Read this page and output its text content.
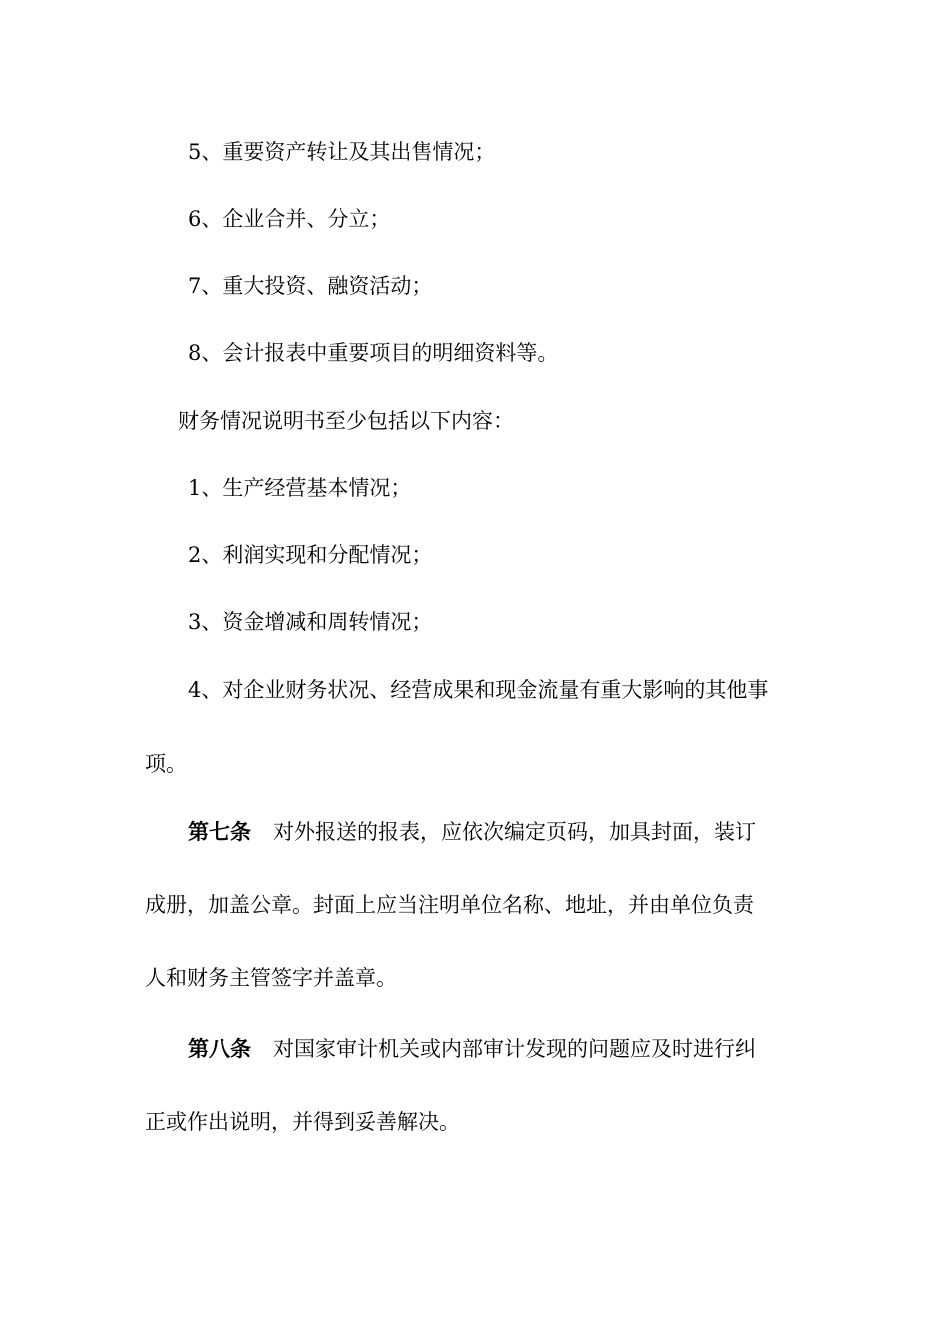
5、重要资产转让及其出售情况；
6、企业合并、分立；
7、重大投资、融资活动；
8、会计报表中重要项目的明细资料等。
财务情况说明书至少包括以下内容：
1、生产经营基本情况；
2、利润实现和分配情况；
3、资金增减和周转情况；
4、对企业财务状况、经营成果和现金流量有重大影响的其他事
项。
第七条 对外报送的报表，应依次编定页码，加具封面，装订
成册，加盖公章。封面上应当注明单位名称、地址，并由单位负责
人和财务主管签字并盖章。
第八条 对国家审计机关或内部审计发现的问题应及时进行纠
正或作出说明，并得到妥善解决。
